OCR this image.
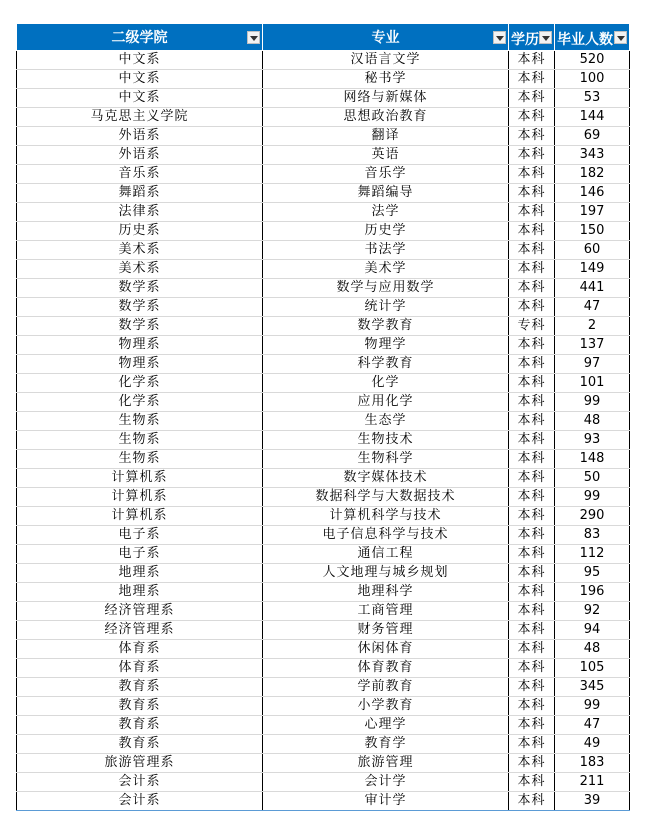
二级学院	专业	学历	毕业人数

中文系	汉语言文学	本科	520
中文系	秘书学	本科	100
中文系	网络与新媒体	本科	53
马克思主义学院	思想政治教育	本科	144
外语系	翻译	本科	69
外语系	英语	本科	343
音乐系	音乐学	本科	182
舞蹈系	舞蹈编导	本科	146
法律系	法学	本科	197
历史系	历史学	本科	150
美术系	书法学	本科	60
美术系	美术学	本科	149
数学系	数学与应用数学	本科	441
数学系	统计学	本科	47
数学系	数学教育	专科	2
物理系	物理学	本科	137
物理系	科学教育	本科	97
化学系	化学	本科	101
化学系	应用化学	本科	99
生物系	生态学	本科	48
生物系	生物技术	本科	93
生物系	生物科学	本科	148
计算机系	数字媒体技术	本科	50
计算机系	数据科学与大数据技术	本科	99
计算机系	计算机科学与技术	本科	290
电子系	电子信息科学与技术	本科	83
电子系	通信工程	本科	112
地理系	人文地理与城乡规划	本科	95
地理系	地理科学	本科	196
经济管理系	工商管理	本科	92
经济管理系	财务管理	本科	94
体育系	休闲体育	本科	48
体育系	体育教育	本科	105
教育系	学前教育	本科	345
教育系	小学教育	本科	99
教育系	心理学	本科	47
教育系	教育学	本科	49
旅游管理系	旅游管理	本科	183
会计系	会计学	本科	211
会计系	审计学	本科	39
